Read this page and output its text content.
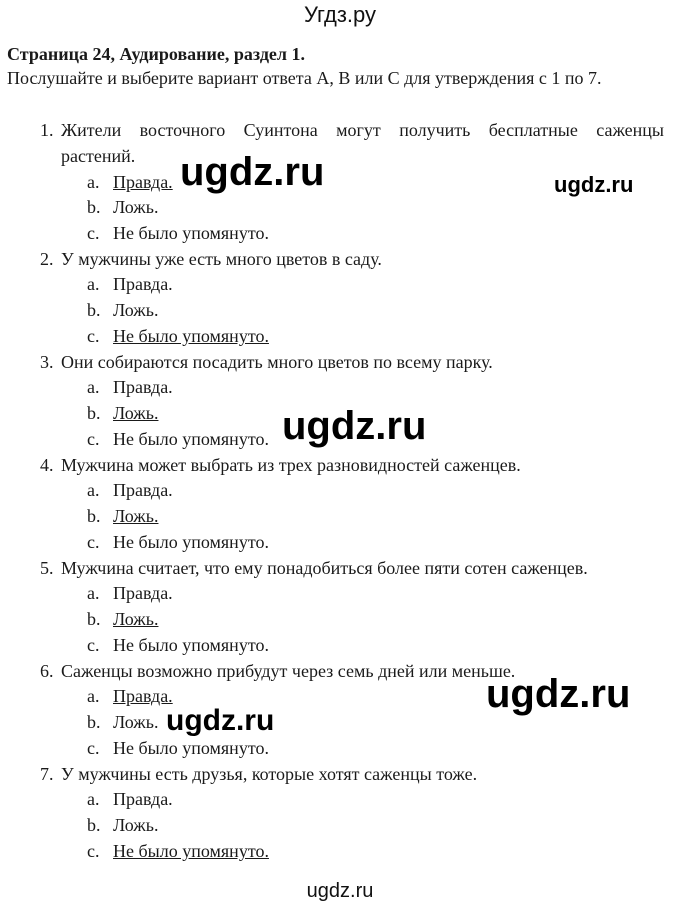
Угдз.ру
Страница 24, Аудирование, раздел 1.
Послушайте и выберите вариант ответа А, В или С для утверждения с 1 по 7.
1. Жители восточного Суинтона могут получить бесплатные саженцы
растений.
a. Правда.
b. Ложь.
c. Не было упомянуто.
2. У мужчины уже есть много цветов в саду.
a. Правда.
b. Ложь.
c. Не было упомянуто.
3. Они собираются посадить много цветов по всему парку.
a. Правда.
b. Ложь.
c. Не было упомянуто.
4. Мужчина может выбрать из трех разновидностей саженцев.
a. Правда.
b. Ложь.
c. Не было упомянуто.
5. Мужчина считает, что ему понадобиться более пяти сотен саженцев.
a. Правда.
b. Ложь.
c. Не было упомянуто.
6. Саженцы возможно прибудут через семь дней или меньше.
a. Правда.
b. Ложь.
c. Не было упомянуто.
7. У мужчины есть друзья, которые хотят саженцы тоже.
a. Правда.
b. Ложь.
c. Не было упомянуто.
ugdz.ru	ugdz.ru
ugdz.ru
ugdz.ru
ugdz.ru
ugdz.ru
